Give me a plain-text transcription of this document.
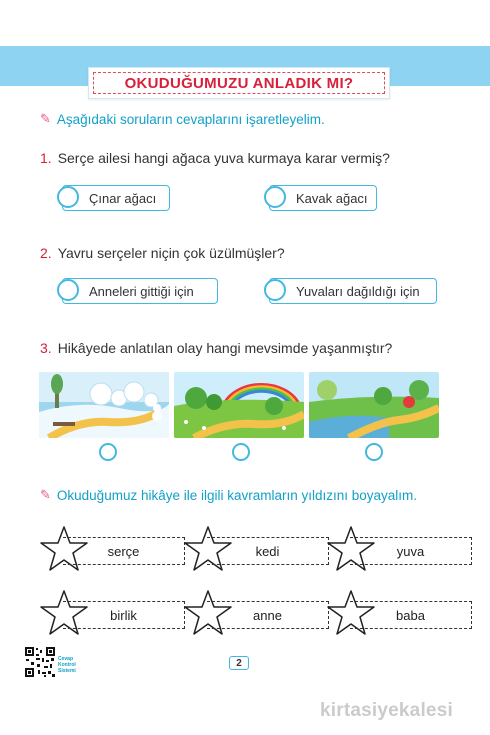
OKUDUĞUMUZU ANLADIK MI?
✎ Aşağıdaki soruların cevaplarını işaretleyelim.
1. Serçe ailesi hangi ağaca yuva kurmaya karar vermiş?
Çınar ağacı	Kavak ağacı
2. Yavru serçeler niçin çok üzülmüşler?
Anneleri gittiği için	Yuvaları dağıldığı için
3. Hikâyede anlatılan olay hangi mevsimde yaşanmıştır?
✎ Okuduğumuz hikâye ile ilgili kavramların yıldızını boyayalım.
serçe	kedi	yuva
birlik	anne	baba
Cevap
Kontrol
Sistemi
2
kirtasiyekalesi
